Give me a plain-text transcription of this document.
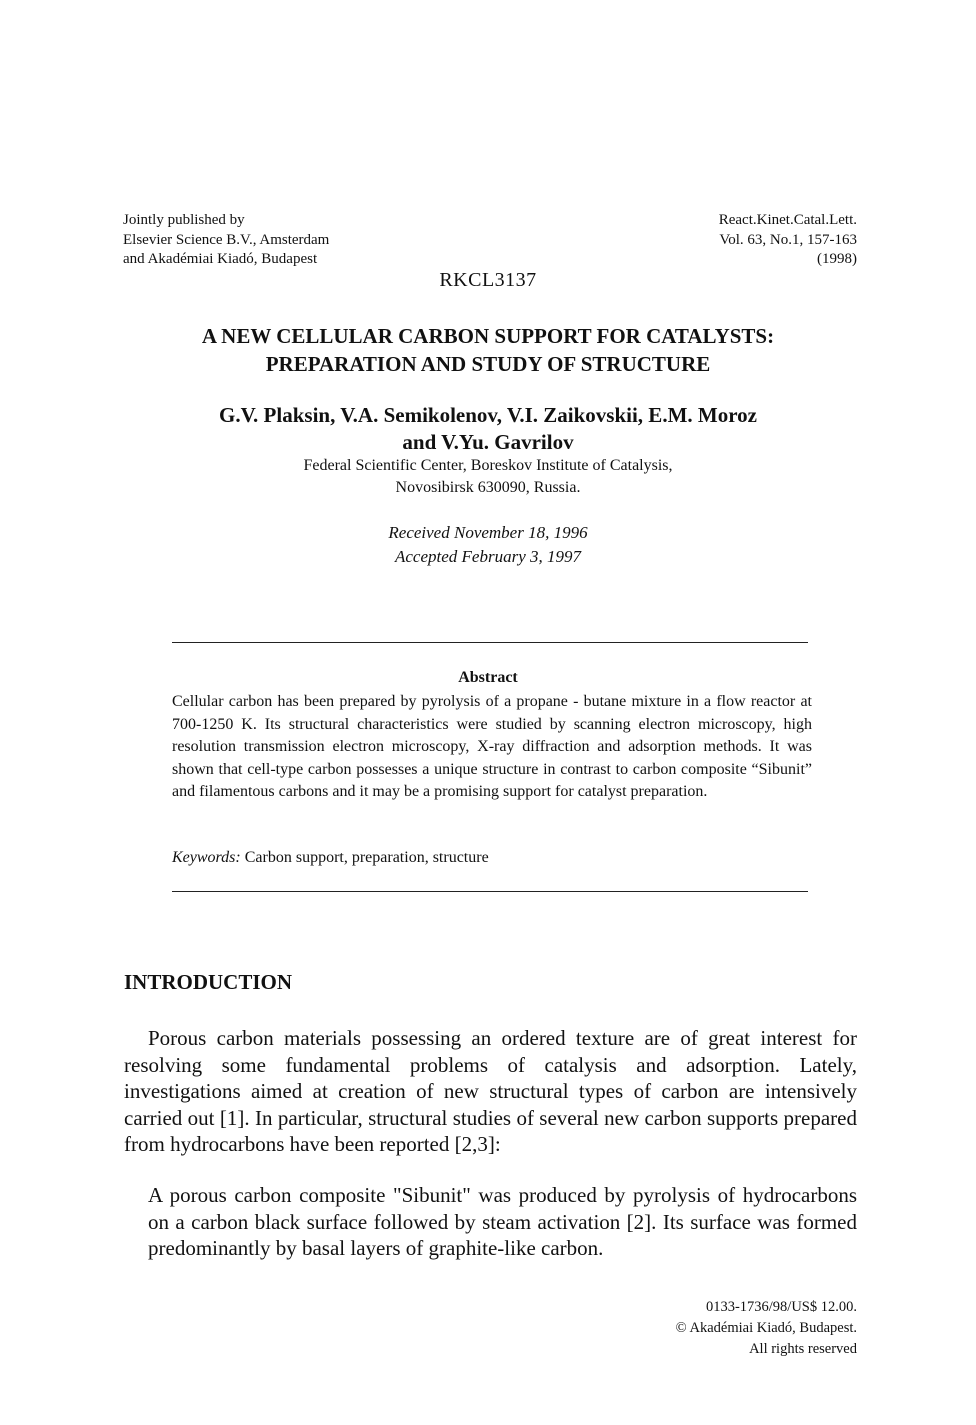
Jointly published by
Elsevier Science B.V., Amsterdam
and Akadémiai Kiadó, Budapest
React.Kinet.Catal.Lett.
Vol. 63, No.1, 157-163
(1998)
RKCL3137
A NEW CELLULAR CARBON SUPPORT FOR CATALYSTS:
PREPARATION AND STUDY OF STRUCTURE
G.V. Plaksin, V.A. Semikolenov, V.I. Zaikovskii, E.M. Moroz
and V.Yu. Gavrilov
Federal Scientific Center, Boreskov Institute of Catalysis,
Novosibirsk 630090, Russia.
Received November 18, 1996
Accepted February 3, 1997
Abstract
Cellular carbon has been prepared by pyrolysis of a propane - butane mixture in a flow reactor at 700-1250 K. Its structural characteristics were studied by scanning electron microscopy, high resolution transmission electron microscopy, X-ray diffraction and adsorption methods. It was shown that cell-type carbon possesses a unique structure in contrast to carbon composite “Sibunit” and filamentous carbons and it may be a promising support for catalyst preparation.
Keywords: Carbon support, preparation, structure
INTRODUCTION
Porous carbon materials possessing an ordered texture are of great interest for resolving some fundamental problems of catalysis and adsorption. Lately, investigations aimed at creation of new structural types of carbon are intensively carried out [1]. In particular, structural studies of several new carbon supports prepared from hydrocarbons have been reported [2,3]:
A porous carbon composite "Sibunit" was produced by pyrolysis of hydrocarbons on a carbon black surface followed by steam activation [2]. Its surface was formed predominantly by basal layers of graphite-like carbon.
0133-1736/98/US$ 12.00.
© Akadémiai Kiadó, Budapest.
All rights reserved
